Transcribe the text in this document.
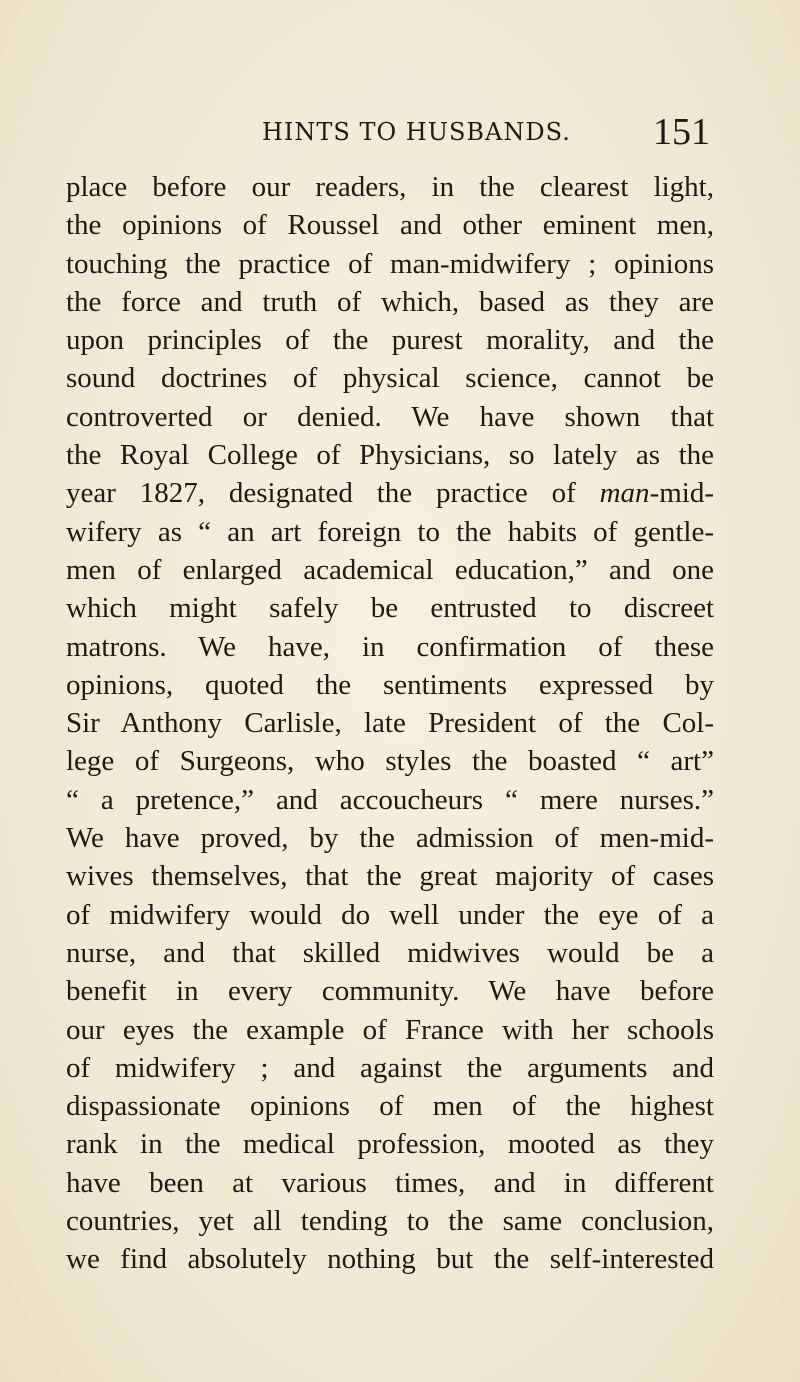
HINTS TO HUSBANDS. 151
place before our readers, in the clearest light,
the opinions of Roussel and other eminent men,
touching the practice of man-midwifery ; opinions
the force and truth of which, based as they are
upon principles of the purest morality, and the
sound doctrines of physical science, cannot be
controverted or denied. We have shown that
the Royal College of Physicians, so lately as the
year 1827, designated the practice of man-mid-
wifery as “ an art foreign to the habits of gentle-
men of enlarged academical education,” and one
which might safely be entrusted to discreet
matrons. We have, in confirmation of these
opinions, quoted the sentiments expressed by
Sir Anthony Carlisle, late President of the Col-
lege of Surgeons, who styles the boasted “ art”
“ a pretence,” and accoucheurs “ mere nurses.”
We have proved, by the admission of men-mid-
wives themselves, that the great majority of cases
of midwifery would do well under the eye of a
nurse, and that skilled midwives would be a
benefit in every community. We have before
our eyes the example of France with her schools
of midwifery ; and against the arguments and
dispassionate opinions of men of the highest
rank in the medical profession, mooted as they
have been at various times, and in different
countries, yet all tending to the same conclusion,
we find absolutely nothing but the self-interested
